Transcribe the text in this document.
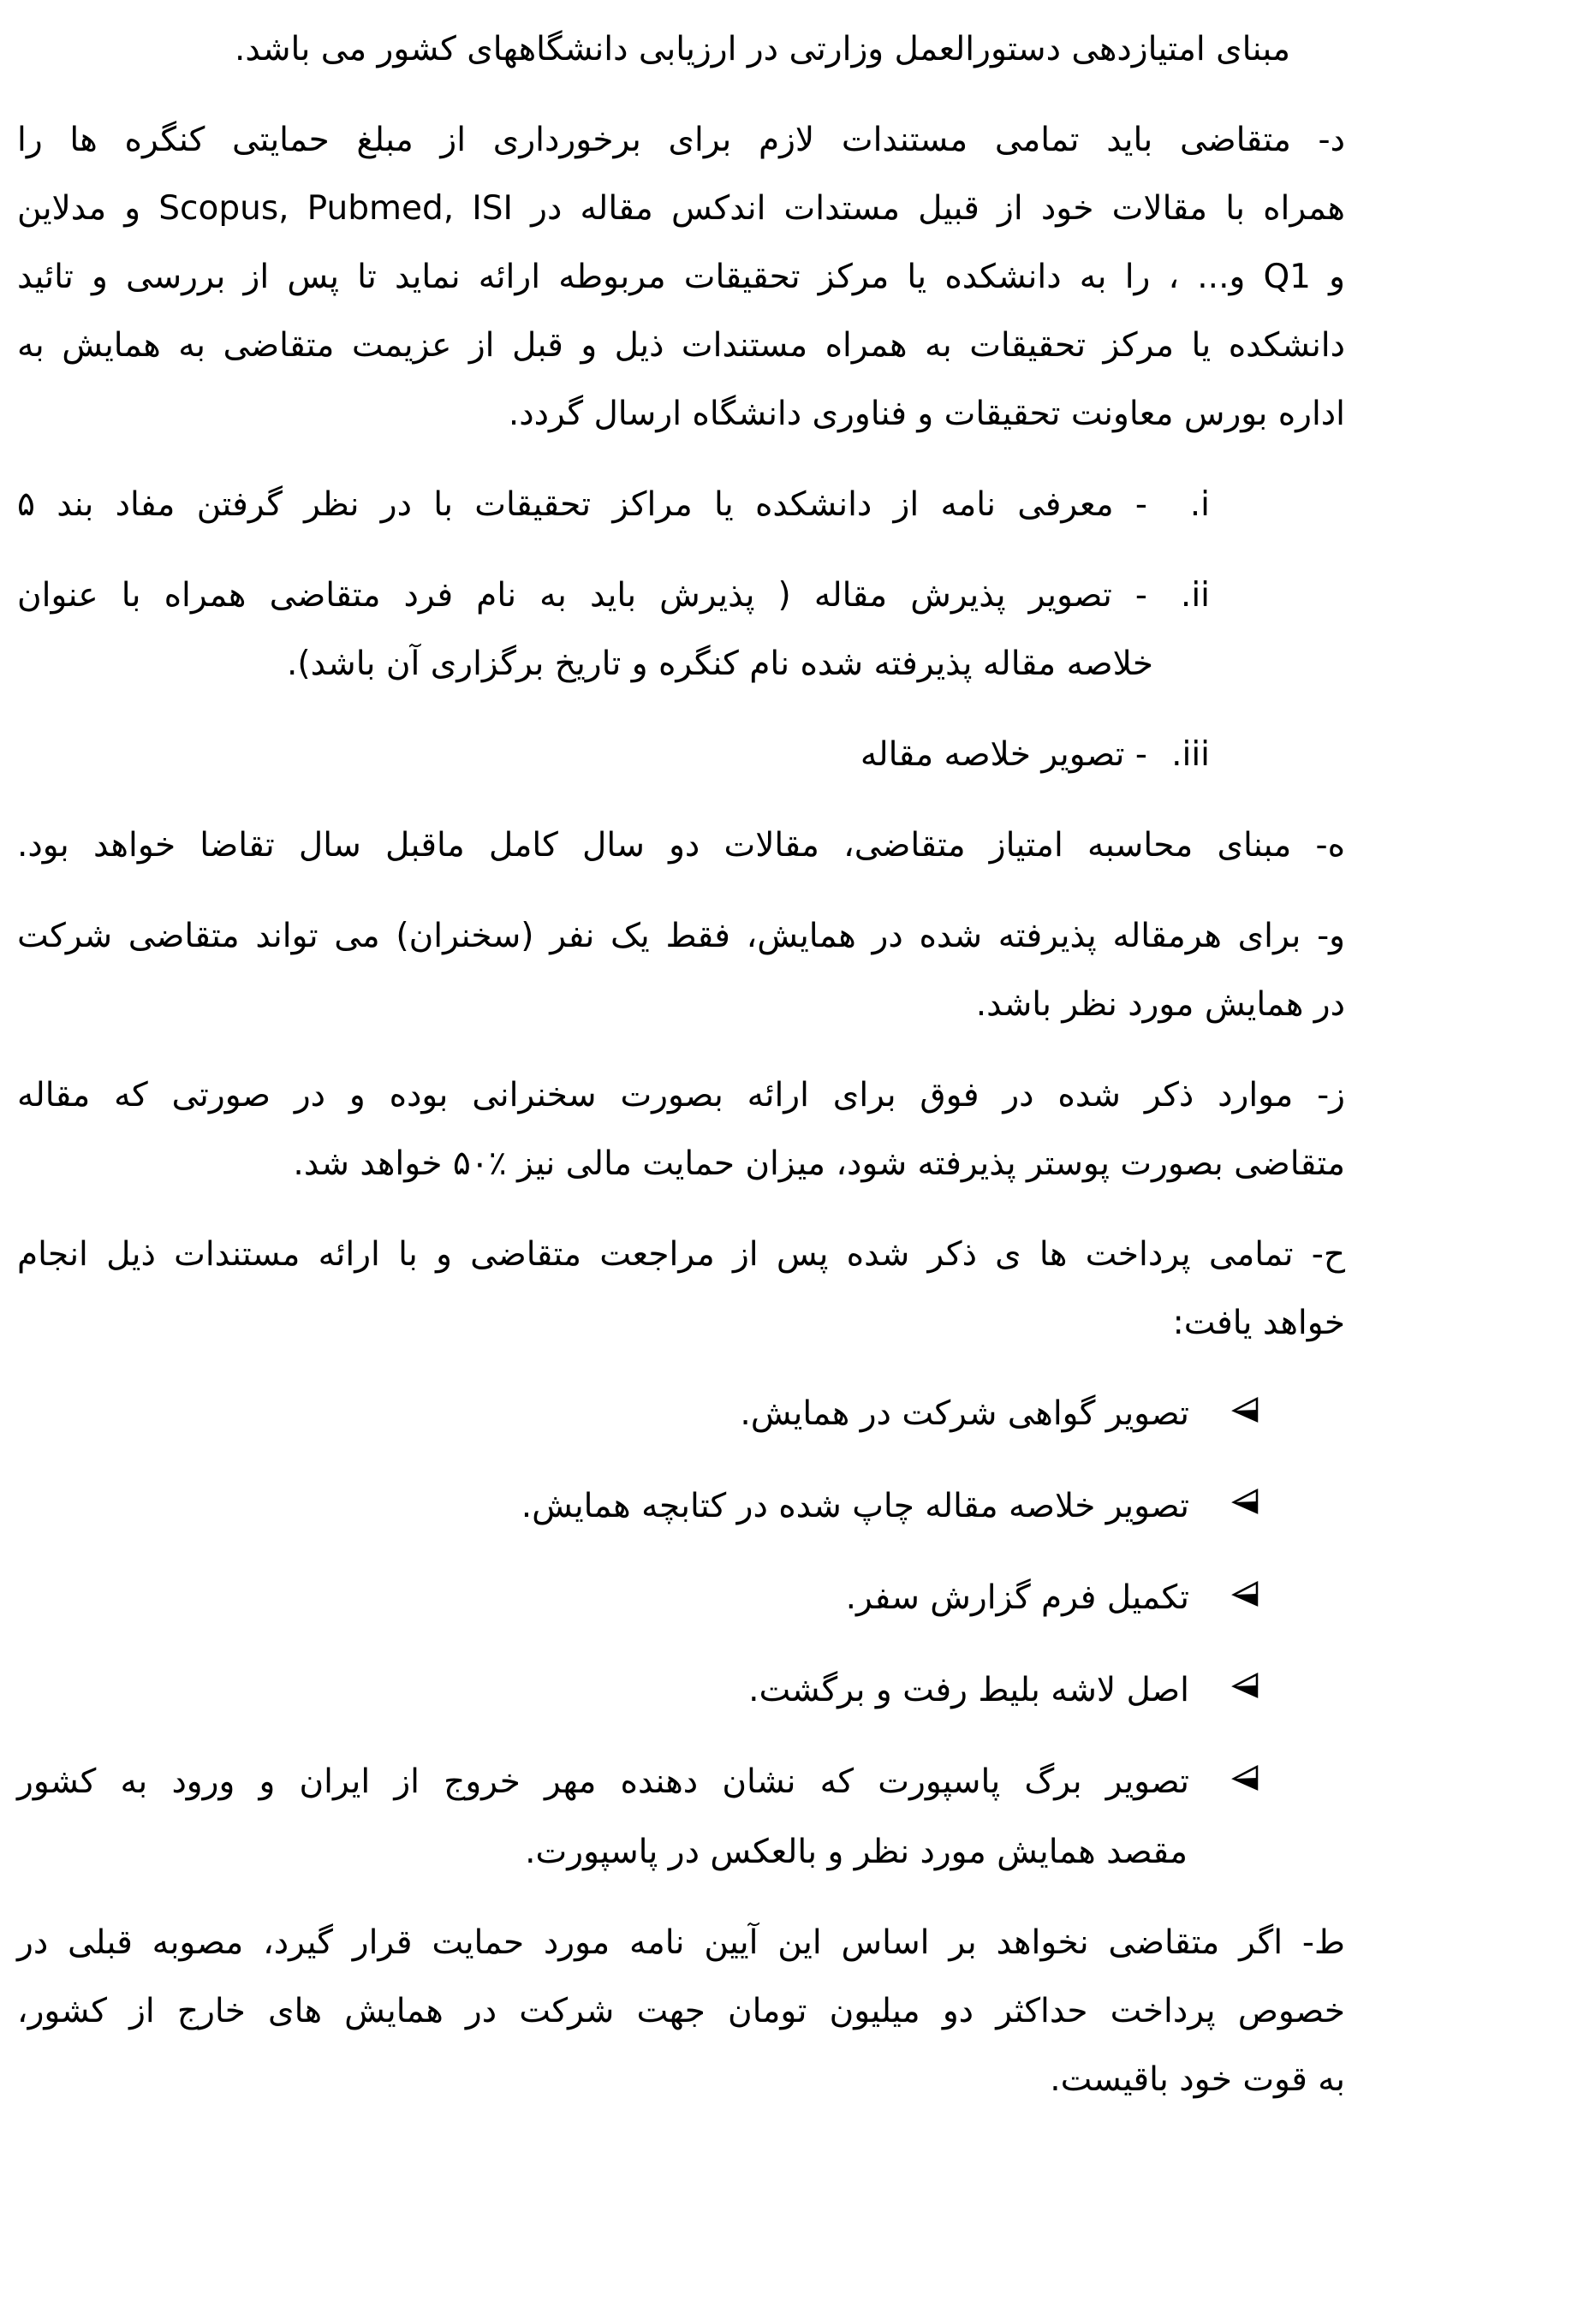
مبنای امتیازدهی دستورالعمل وزارتی در ارزیابی دانشگاههای کشور می باشد.
د- متقاضی باید تمامی مستندات لازم برای برخورداری از مبلغ حمایتی کنگره ها را
همراه با مقالات خود از قبیل مستدات اندکس مقاله در Scopus, Pubmed, ISI و مدلاین
و Q1 و... ، را به دانشکده یا مرکز تحقیقات مربوطه ارائه نماید تا پس از بررسی و تائید
دانشکده یا مرکز تحقیقات به همراه مستندات ذیل و قبل از عزیمت متقاضی به همایش به
اداره بورس معاونت تحقیقات و فناوری دانشگاه ارسال گردد.
i.- معرفی نامه از دانشکده یا مراکز تحقیقات با در نظر گرفتن مفاد بند ۵
ii.- تصویر پذیرش مقاله ( پذیرش باید به نام فرد متقاضی همراه با عنوان
خلاصه مقاله پذیرفته شده نام کنگره و تاریخ برگزاری آن باشد).
iii.- تصویر خلاصه مقاله
ه- مبنای محاسبه امتیاز متقاضی، مقالات دو سال کامل ماقبل سال تقاضا خواهد بود.
و- برای هرمقاله پذیرفته شده در همایش، فقط یک نفر (سخنران) می تواند متقاضی شرکت
در همایش مورد نظر باشد.
ز- موارد ذکر شده در فوق برای ارائه بصورت سخنرانی بوده و در صورتی که مقاله
متقاضی بصورت پوستر پذیرفته شود، میزان حمایت مالی نیز ٪۵۰ خواهد شد.
ح- تمامی پرداخت ها ی ذکر شده پس از مراجعت متقاضی و با ارائه مستندات ذیل انجام
خواهد یافت:
تصویر گواهی شرکت در همایش.
تصویر خلاصه مقاله چاپ شده در کتابچه همایش.
تکمیل فرم گزارش سفر.
اصل لاشه بلیط رفت و برگشت.
تصویر برگ پاسپورت که نشان دهنده مهر خروج از ایران و ورود به کشور
مقصد همایش مورد نظر و بالعکس در پاسپورت.
ط- اگر متقاضی نخواهد بر اساس این آیین نامه مورد حمایت قرار گیرد، مصوبه قبلی در
خصوص پرداخت حداکثر دو میلیون تومان جهت شرکت در همایش های خارج از کشور،
به قوت خود باقیست.
